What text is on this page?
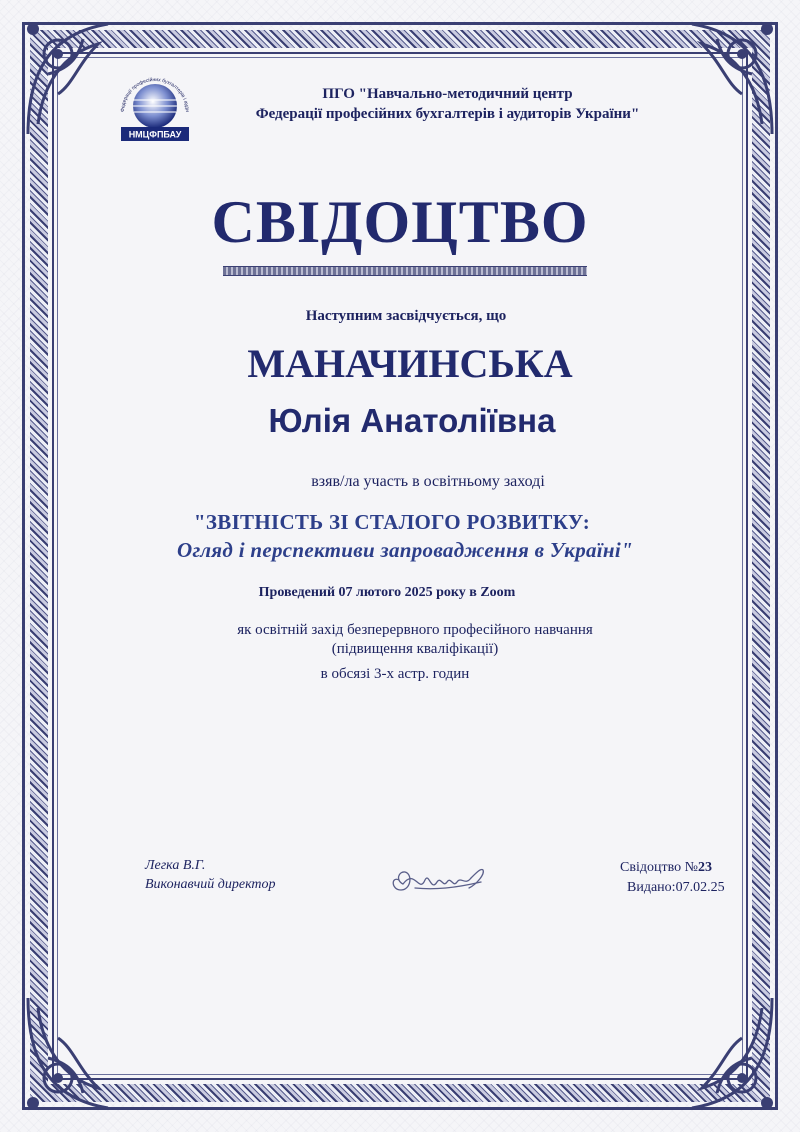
Федерації професійних бухгалтерів і ауди
НМЦФПБАУ
ПГО "Навчально-методичний центр
Федерації професійних бухгалтерів і аудиторів України"
СВІДОЦТВО
Наступним засвідчується, що
МАНАЧИНСЬКА
Юлія Анатоліївна
взяв/ла участь в освітньому заході
"ЗВІТНІСТЬ ЗІ СТАЛОГО РОЗВИТКУ:
Огляд і перспективи запровадження в Україні"
Проведений 07 лютого 2025 року в Zoom
як освітній захід безперервного професійного навчання
(підвищення кваліфікації)
в обсязі 3-х астр. годин
Легка В.Г.
Виконавчий директор
Свідоцтво №23
Видано:07.02.25
